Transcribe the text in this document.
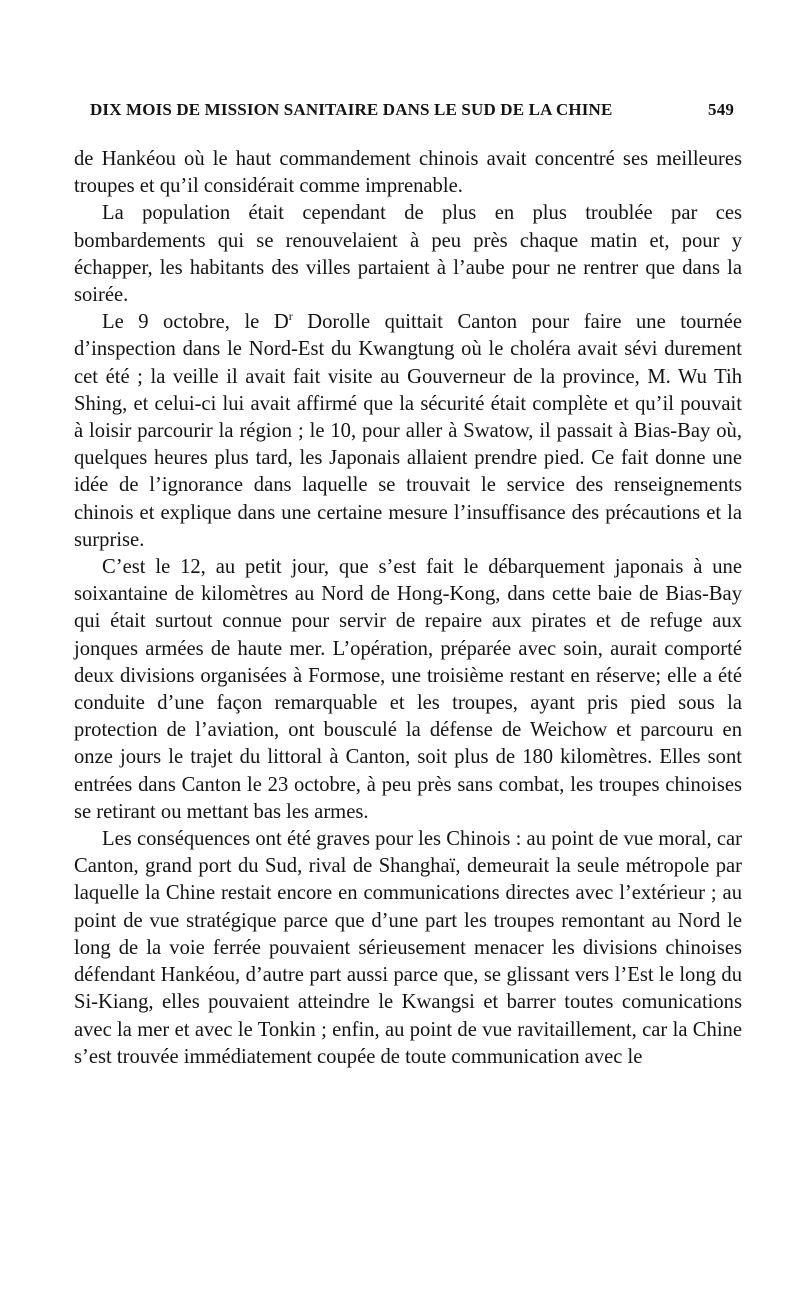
DIX MOIS DE MISSION SANITAIRE DANS LE SUD DE LA CHINE	549

de Hankéou où le haut commandement chinois avait concentré ses meilleures troupes et qu’il considérait comme imprenable.

La population était cependant de plus en plus troublée par ces bombardements qui se renouvelaient à peu près chaque matin et, pour y échapper, les habitants des villes partaient à l’aube pour ne rentrer que dans la soirée.

Le 9 octobre, le $D^r$ Dorolle quittait Canton pour faire une tournée d’inspection dans le Nord-Est du Kwangtung où le choléra avait sévi durement cet été ; la veille il avait fait visite au Gouverneur de la province, M. Wu Tih Shing, et celui-ci lui avait affirmé que la sécurité était complète et qu’il pouvait à loisir parcourir la région ; le 10, pour aller à Swatow, il passait à Bias-Bay où, quelques heures plus tard, les Japonais allaient prendre pied. Ce fait donne une idée de l’ignorance dans laquelle se trouvait le service des renseignements chinois et explique dans une certaine mesure l’insuffisance des précautions et la surprise.

C’est le 12, au petit jour, que s’est fait le débarquement japonais à une soixantaine de kilomètres au Nord de Hong-Kong, dans cette baie de Bias-Bay qui était surtout connue pour servir de repaire aux pirates et de refuge aux jonques armées de haute mer. L’opération, préparée avec soin, aurait comporté deux divisions organisées à Formose, une troisième restant en réserve; elle a été conduite d’une façon remarquable et les troupes, ayant pris pied sous la protection de l’aviation, ont bousculé la défense de Weichow et parcouru en onze jours le trajet du littoral à Canton, soit plus de 180 kilomètres. Elles sont entrées dans Canton le 23 octobre, à peu près sans combat, les troupes chinoises se retirant ou mettant bas les armes.

Les conséquences ont été graves pour les Chinois : au point de vue moral, car Canton, grand port du Sud, rival de Shanghaï, demeurait la seule métropole par laquelle la Chine restait encore en communications directes avec l’extérieur ; au point de vue stratégique parce que d’une part les troupes remontant au Nord le long de la voie ferrée pouvaient sérieusement menacer les divisions chinoises défendant Hankéou, d’autre part aussi parce que, se glissant vers l’Est le long du Si-Kiang, elles pouvaient atteindre le Kwangsi et barrer toutes comunications avec la mer et avec le Tonkin ; enfin, au point de vue ravitaillement, car la Chine s’est trouvée immédiatement coupée de toute communication avec le
